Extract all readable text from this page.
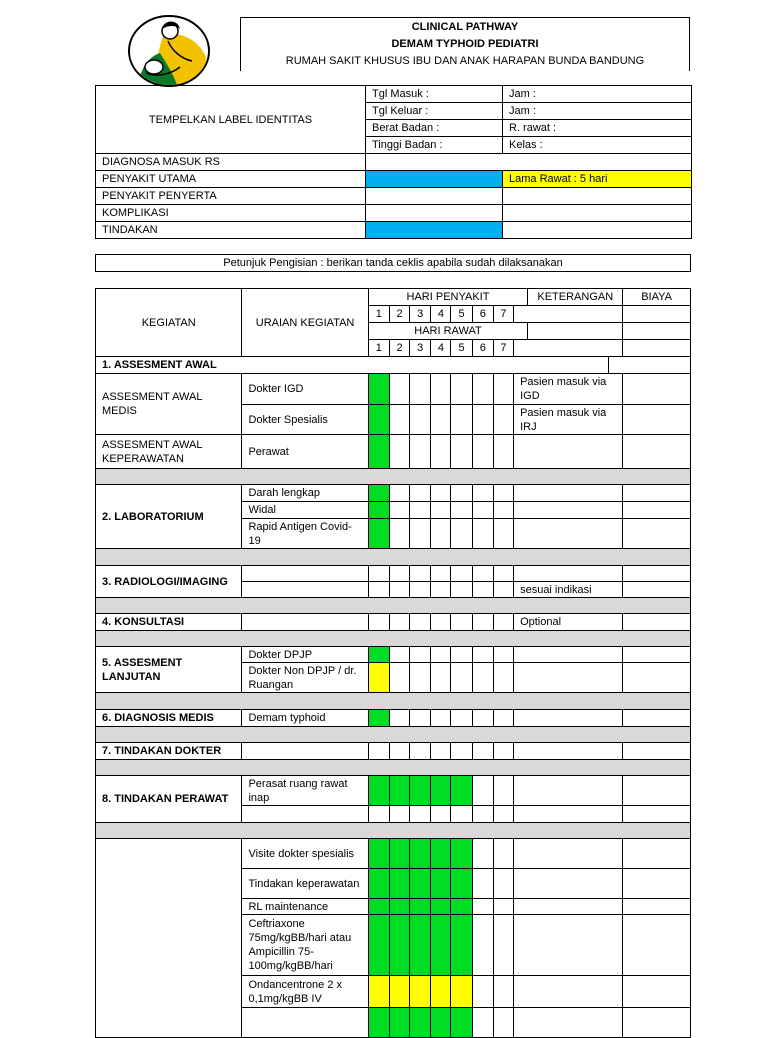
CLINICAL PATHWAY
DEMAM TYPHOID PEDIATRI
RUMAH SAKIT KHUSUS IBU DAN ANAK HARAPAN BUNDA BANDUNG
TEMPELKAN LABEL IDENTITAS	Tgl Masuk :	Jam :
	Tgl Keluar :	Jam :
	Berat Badan :	R. rawat :
	Tinggi Badan :	Kelas :
DIAGNOSA MASUK RS		
PENYAKIT UTAMA		Lama Rawat : 5 hari
PENYAKIT PENYERTA		
KOMPLIKASI		
TINDAKAN		
Petunjuk Pengisian : berikan tanda ceklis apabila sudah dilaksanakan
KEGIATAN	URAIAN KEGIATAN	HARI PENYAKIT								KETERANGAN		BIAYA
		1	2	3	4	5	6	7				
		HARI RAWAT										
		1	2	3	4	5	6	7				
1. ASSESMENT AWAL												
ASSESMENT AWAL MEDIS	Dokter IGD								Pasien masuk via IGD			
	Dokter Spesialis								Pasien masuk via IRJ			
ASSESMENT AWAL KEPERAWATAN	Perawat											

2. LABORATORIUM	Darah lengkap											
	Widal											
	Rapid Antigen Covid-19											

3. RADIOLOGI/IMAGING												
									sesuai indikasi			

4. KONSULTASI									Optional			

5. ASSESMENT LANJUTAN	Dokter DPJP											
	Dokter Non DPJP / dr. Ruangan											

6. DIAGNOSIS MEDIS	Demam typhoid											

7. TINDAKAN DOKTER												

8. TINDAKAN PERAWAT	Perasat ruang rawat inap											

	Visite dokter spesialis											
	Tindakan keperawatan											
	RL maintenance											
	Ceftriaxone 75mg/kgBB/hari atau Ampicillin 75-100mg/kgBB/hari											
	Ondancentrone 2 x 0,1mg/kgBB IV											
